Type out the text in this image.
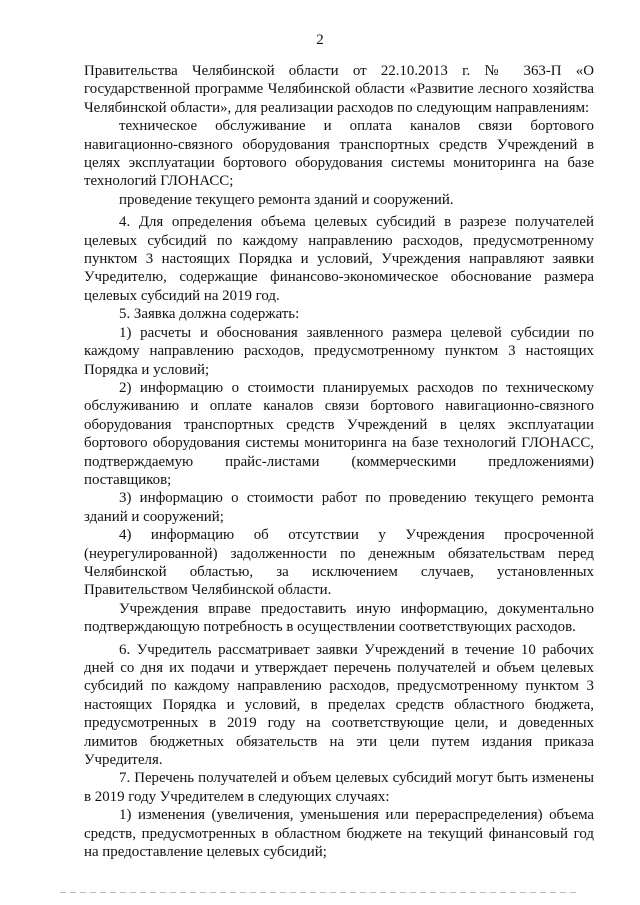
2

Правительства Челябинской области от 22.10.2013 г. № 363-П «О государственной программе Челябинской области «Развитие лесного хозяйства Челябинской области», для реализации расходов по следующим направлениям:

техническое обслуживание и оплата каналов связи бортового навигационно-связного оборудования транспортных средств Учреждений в целях эксплуатации бортового оборудования системы мониторинга на базе технологий ГЛОНАСС;

проведение текущего ремонта зданий и сооружений.

4. Для определения объема целевых субсидий в разрезе получателей целевых субсидий по каждому направлению расходов, предусмотренному пунктом 3 настоящих Порядка и условий, Учреждения направляют заявки Учредителю, содержащие финансово-экономическое обоснование размера целевых субсидий на 2019 год.

5. Заявка должна содержать:

1) расчеты и обоснования заявленного размера целевой субсидии по каждому направлению расходов, предусмотренному пунктом 3 настоящих Порядка и условий;

2) информацию о стоимости планируемых расходов по техническому обслуживанию и оплате каналов связи бортового навигационно-связного оборудования транспортных средств Учреждений в целях эксплуатации бортового оборудования системы мониторинга на базе технологий ГЛОНАСС, подтверждаемую прайс-листами (коммерческими предложениями) поставщиков;

3) информацию о стоимости работ по проведению текущего ремонта зданий и сооружений;

4) информацию об отсутствии у Учреждения просроченной (неурегулированной) задолженности по денежным обязательствам перед Челябинской областью, за исключением случаев, установленных Правительством Челябинской области.

Учреждения вправе предоставить иную информацию, документально подтверждающую потребность в осуществлении соответствующих расходов.

6. Учредитель рассматривает заявки Учреждений в течение 10 рабочих дней со дня их подачи и утверждает перечень получателей и объем целевых субсидий по каждому направлению расходов, предусмотренному пунктом 3 настоящих Порядка и условий, в пределах средств областного бюджета, предусмотренных в 2019 году на соответствующие цели, и доведенных лимитов бюджетных обязательств на эти цели путем издания приказа Учредителя.

7. Перечень получателей и объем целевых субсидий могут быть изменены в 2019 году Учредителем в следующих случаях:

1) изменения (увеличения, уменьшения или перераспределения) объема средств, предусмотренных в областном бюджете на текущий финансовый год на предоставление целевых субсидий;
